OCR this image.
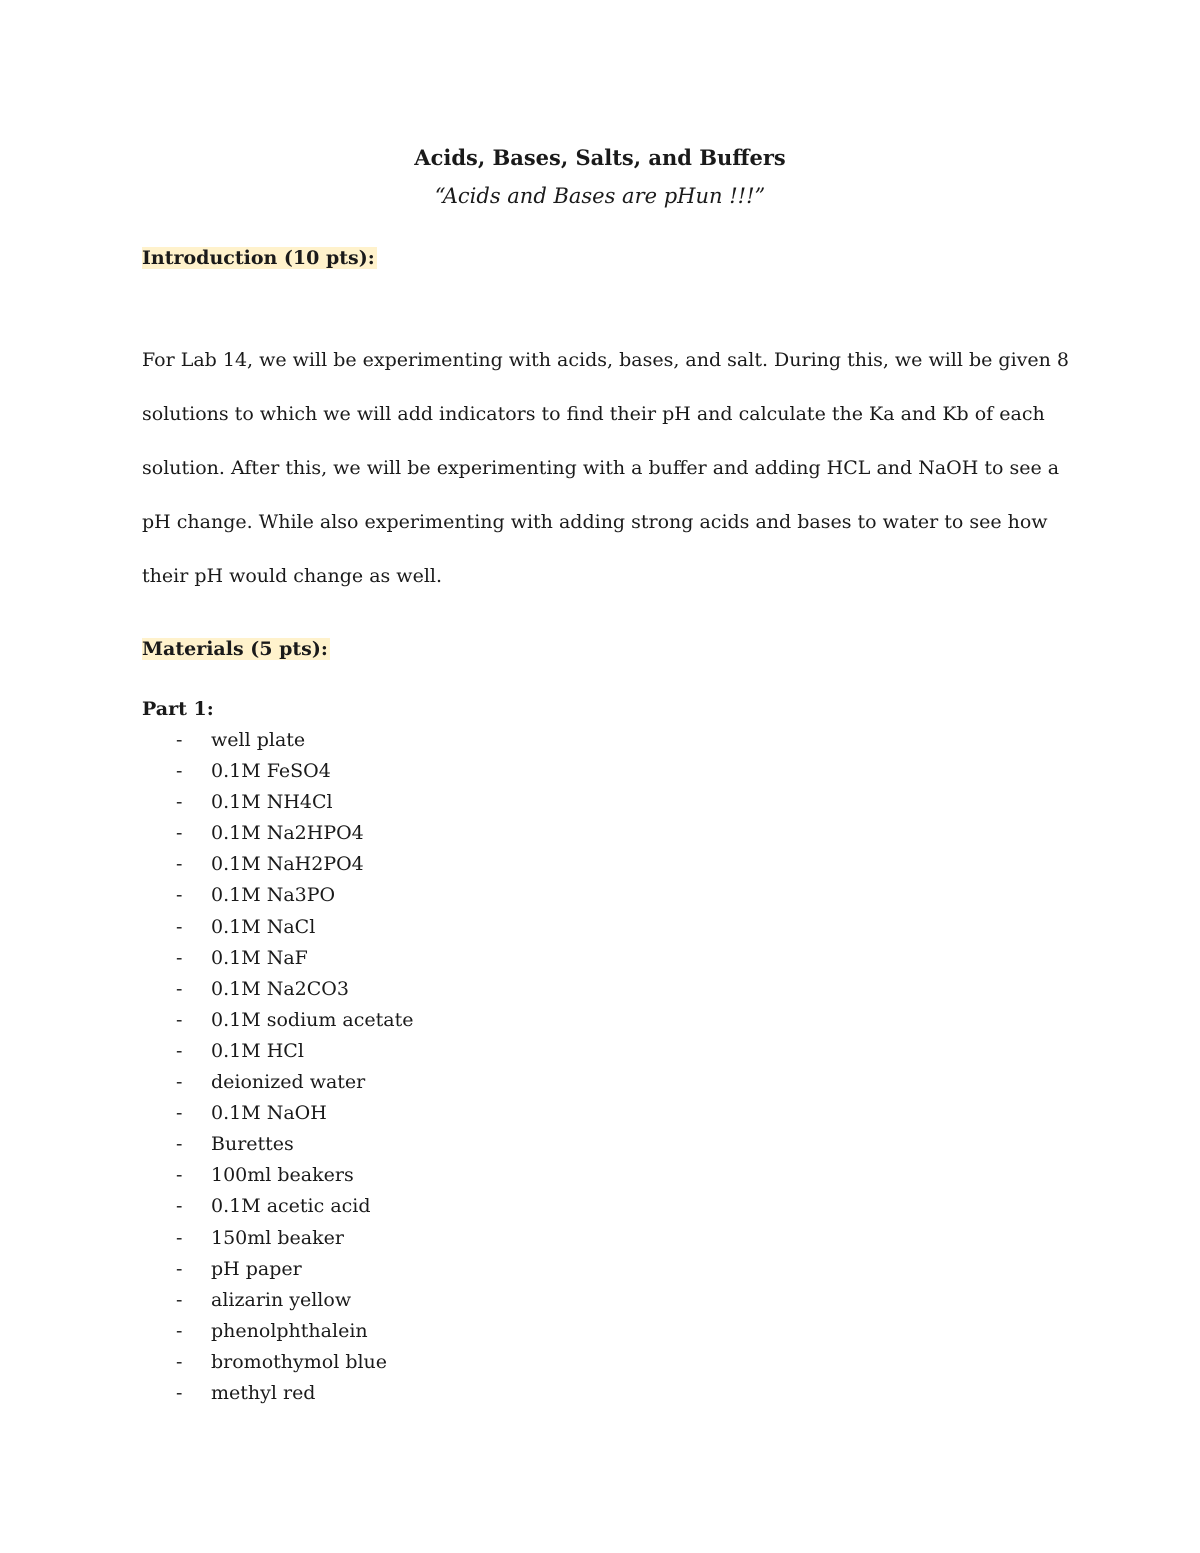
Acids, Bases, Salts, and Buffers
“Acids and Bases are pHun !!!”
Introduction (10 pts):

For Lab 14, we will be experimenting with acids, bases, and salt. During this, we will be given 8 solutions to which we will add indicators to find their pH and calculate the Ka and Kb of each solution. After this, we will be experimenting with a buffer and adding HCL and NaOH to see a pH change. While also experimenting with adding strong acids and bases to water to see how their pH would change as well.

Materials (5 pts):
Part 1:
-	well plate
-	0.1M FeSO4
-	0.1M NH4Cl
-	0.1M Na2HPO4
-	0.1M NaH2PO4
-	0.1M Na3PO
-	0.1M NaCl
-	0.1M NaF
-	0.1M Na2CO3
-	0.1M sodium acetate
-	0.1M HCl
-	deionized water
-	0.1M NaOH
-	Burettes
-	100ml beakers
-	0.1M acetic acid
-	150ml beaker
-	pH paper
-	alizarin yellow
-	phenolphthalein
-	bromothymol blue
-	methyl red
